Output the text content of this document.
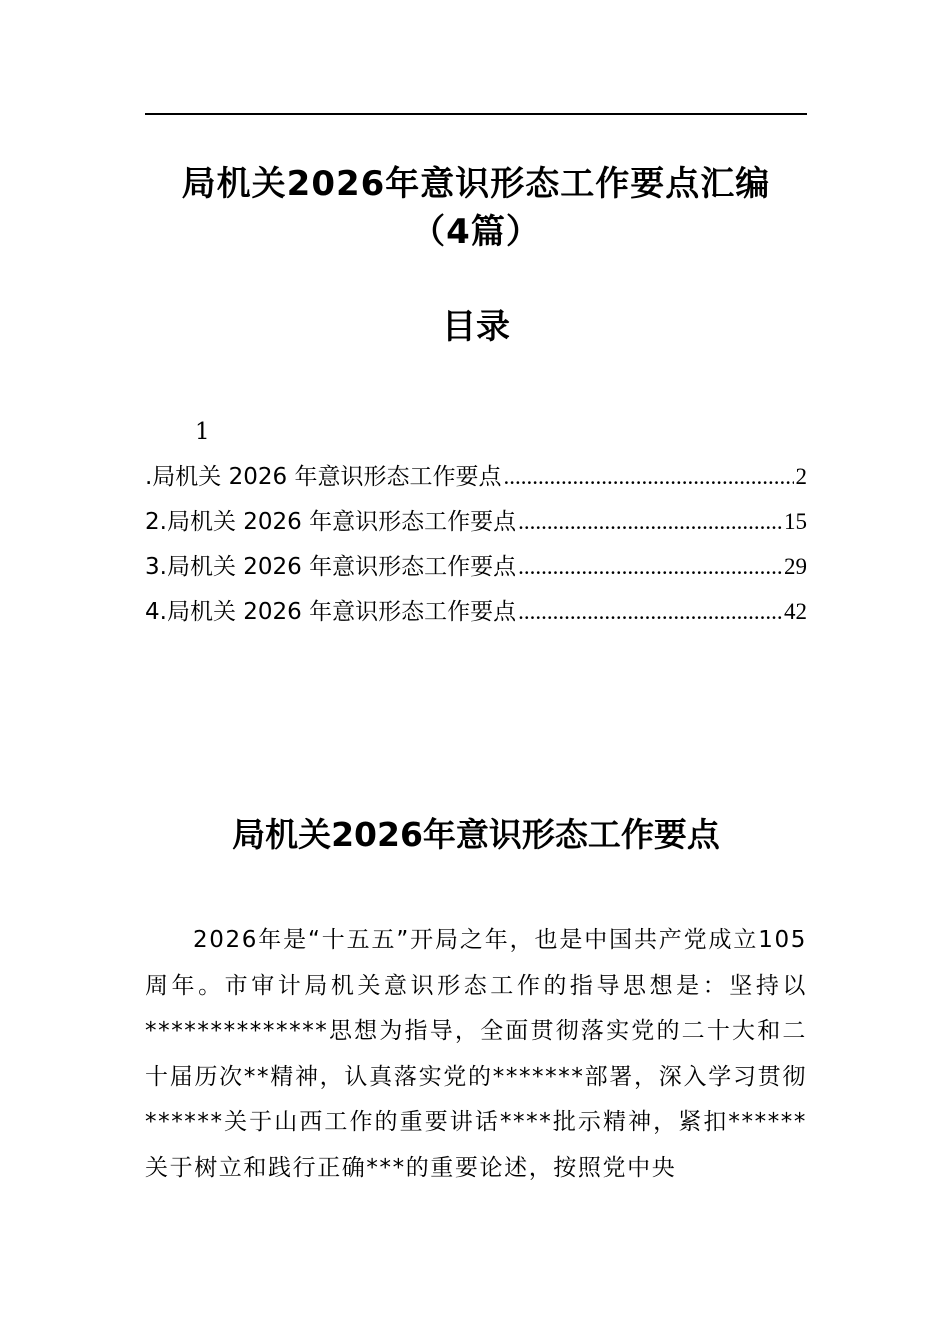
局机关2026年意识形态工作要点汇编
（4篇）
目录
1
.局机关 2026 年意识形态工作要点 .....	2
2.局机关 2026 年意识形态工作要点 .....	15
3.局机关 2026 年意识形态工作要点 .....	29
4.局机关 2026 年意识形态工作要点 .....	42
局机关2026年意识形态工作要点
2026年是“十五五”开局之年，也是中国共产党成立105周年。市审计局机关意识形态工作的指导思想是：坚持以**************思想为指导，全面贯彻落实党的二十大和二十届历次**精神，认真落实党的*******部署，深入学习贯彻******关于山西工作的重要讲话****批示精神，紧扣******关于树立和践行正确***的重要论述，按照党中央
